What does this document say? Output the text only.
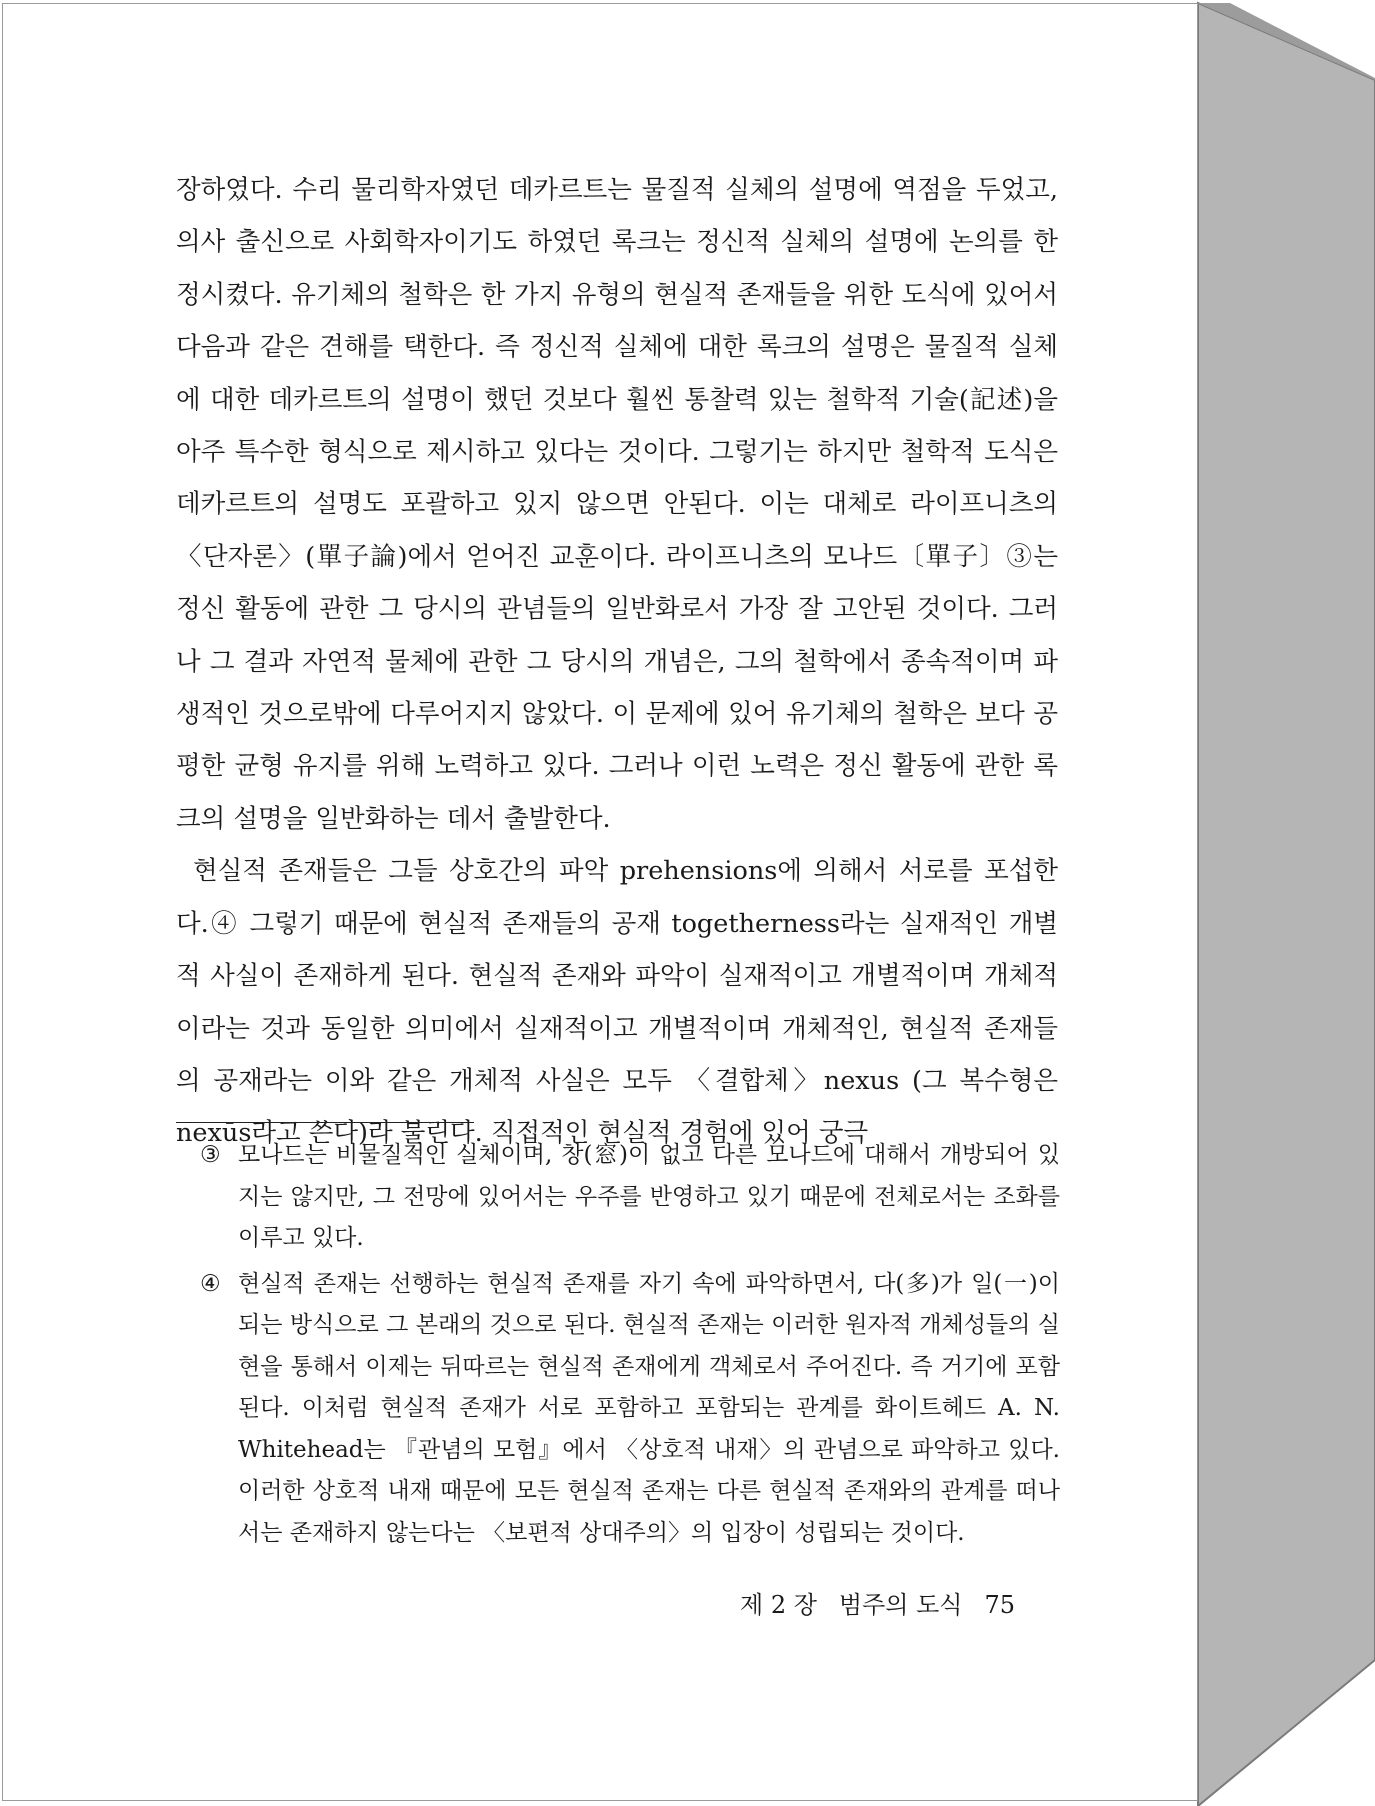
장하였다. 수리 물리학자였던 데카르트는 물질적 실체의 설명에 역점을 두었고, 의사 출신으로 사회학자이기도 하였던 록크는 정신적 실체의 설명에 논의를 한정시켰다. 유기체의 철학은 한 가지 유형의 현실적 존재들을 위한 도식에 있어서 다음과 같은 견해를 택한다. 즉 정신적 실체에 대한 록크의 설명은 물질적 실체에 대한 데카르트의 설명이 했던 것보다 훨씬 통찰력 있는 철학적 기술(記述)을 아주 특수한 형식으로 제시하고 있다는 것이다. 그렇기는 하지만 철학적 도식은 데카르트의 설명도 포괄하고 있지 않으면 안된다. 이는 대체로 라이프니츠의 〈단자론〉(單子論)에서 얻어진 교훈이다. 라이프니츠의 모나드〔單子〕③는 정신 활동에 관한 그 당시의 관념들의 일반화로서 가장 잘 고안된 것이다. 그러나 그 결과 자연적 물체에 관한 그 당시의 개념은, 그의 철학에서 종속적이며 파생적인 것으로밖에 다루어지지 않았다. 이 문제에 있어 유기체의 철학은 보다 공평한 균형 유지를 위해 노력하고 있다. 그러나 이런 노력은 정신 활동에 관한 록크의 설명을 일반화하는 데서 출발한다.

현실적 존재들은 그들 상호간의 파악 prehensions에 의해서 서로를 포섭한다.④ 그렇기 때문에 현실적 존재들의 공재 togetherness라는 실재적인 개별적 사실이 존재하게 된다. 현실적 존재와 파악이 실재적이고 개별적이며 개체적이라는 것과 동일한 의미에서 실재적이고 개별적이며 개체적인, 현실적 존재들의 공재라는 이와 같은 개체적 사실은 모두 〈결합체〉nexus (그 복수형은 nexūs라고 쓴다)라 불린다. 직접적인 현실적 경험에 있어 궁극

③ 모나드는 비물질적인 실체이며, 창(窓)이 없고 다른 모나드에 대해서 개방되어 있지는 않지만, 그 전망에 있어서는 우주를 반영하고 있기 때문에 전체로서는 조화를 이루고 있다.
④ 현실적 존재는 선행하는 현실적 존재를 자기 속에 파악하면서, 다(多)가 일(一)이 되는 방식으로 그 본래의 것으로 된다. 현실적 존재는 이러한 원자적 개체성들의 실현을 통해서 이제는 뒤따르는 현실적 존재에게 객체로서 주어진다. 즉 거기에 포함된다. 이처럼 현실적 존재가 서로 포함하고 포함되는 관계를 화이트헤드 A. N. Whitehead는 『관념의 모험』에서 〈상호적 내재〉의 관념으로 파악하고 있다. 이러한 상호적 내재 때문에 모든 현실적 존재는 다른 현실적 존재와의 관계를 떠나서는 존재하지 않는다는 〈보편적 상대주의〉의 입장이 성립되는 것이다.
제 2 장 범주의 도식 75
